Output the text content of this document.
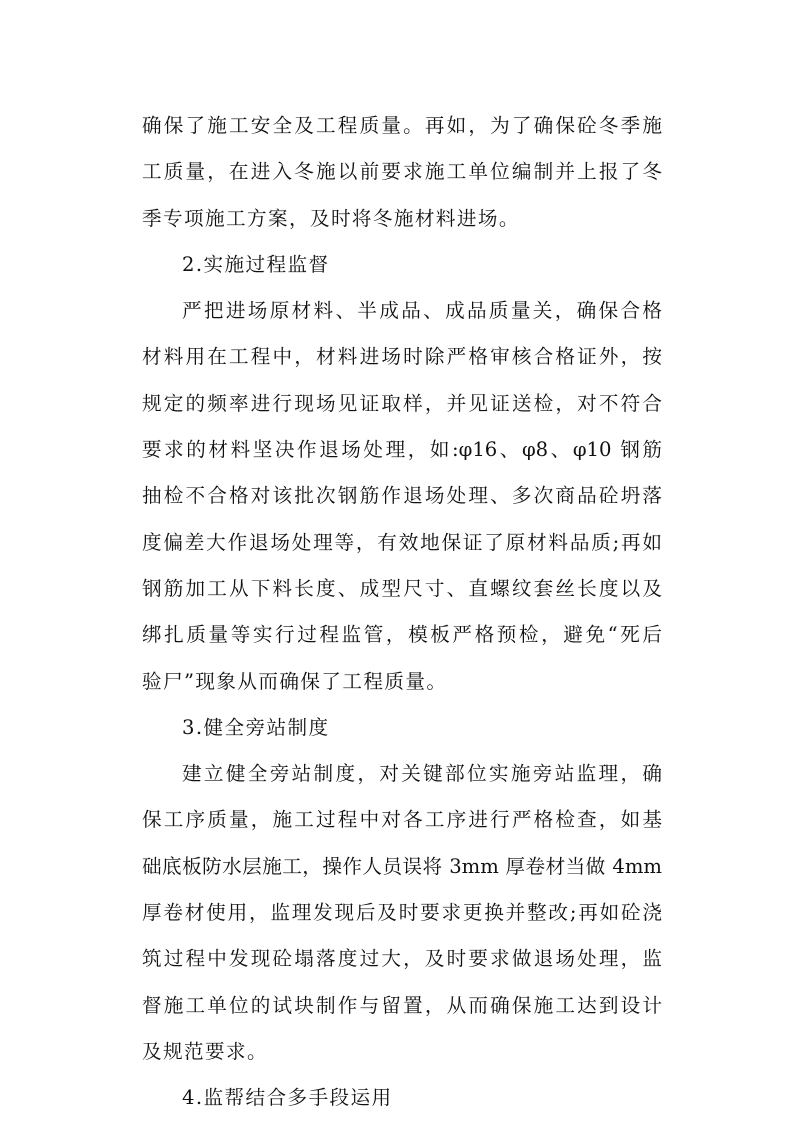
确保了施工安全及工程质量。再如，为了确保砼冬季施
工质量，在进入冬施以前要求施工单位编制并上报了冬
季专项施工方案，及时将冬施材料进场。
2.实施过程监督
严把进场原材料、半成品、成品质量关，确保合格
材料用在工程中，材料进场时除严格审核合格证外，按
规定的频率进行现场见证取样，并见证送检，对不符合
要求的材料坚决作退场处理，如:φ16、φ8、φ10 钢筋
抽检不合格对该批次钢筋作退场处理、多次商品砼坍落
度偏差大作退场处理等，有效地保证了原材料品质;再如
钢筋加工从下料长度、成型尺寸、直螺纹套丝长度以及
绑扎质量等实行过程监管，模板严格预检，避免“死后
验尸”现象从而确保了工程质量。
3.健全旁站制度
建立健全旁站制度，对关键部位实施旁站监理，确
保工序质量，施工过程中对各工序进行严格检查，如基
础底板防水层施工，操作人员误将 3mm 厚卷材当做 4mm
厚卷材使用，监理发现后及时要求更换并整改;再如砼浇
筑过程中发现砼塌落度过大，及时要求做退场处理，监
督施工单位的试块制作与留置，从而确保施工达到设计
及规范要求。
4.监帮结合多手段运用
